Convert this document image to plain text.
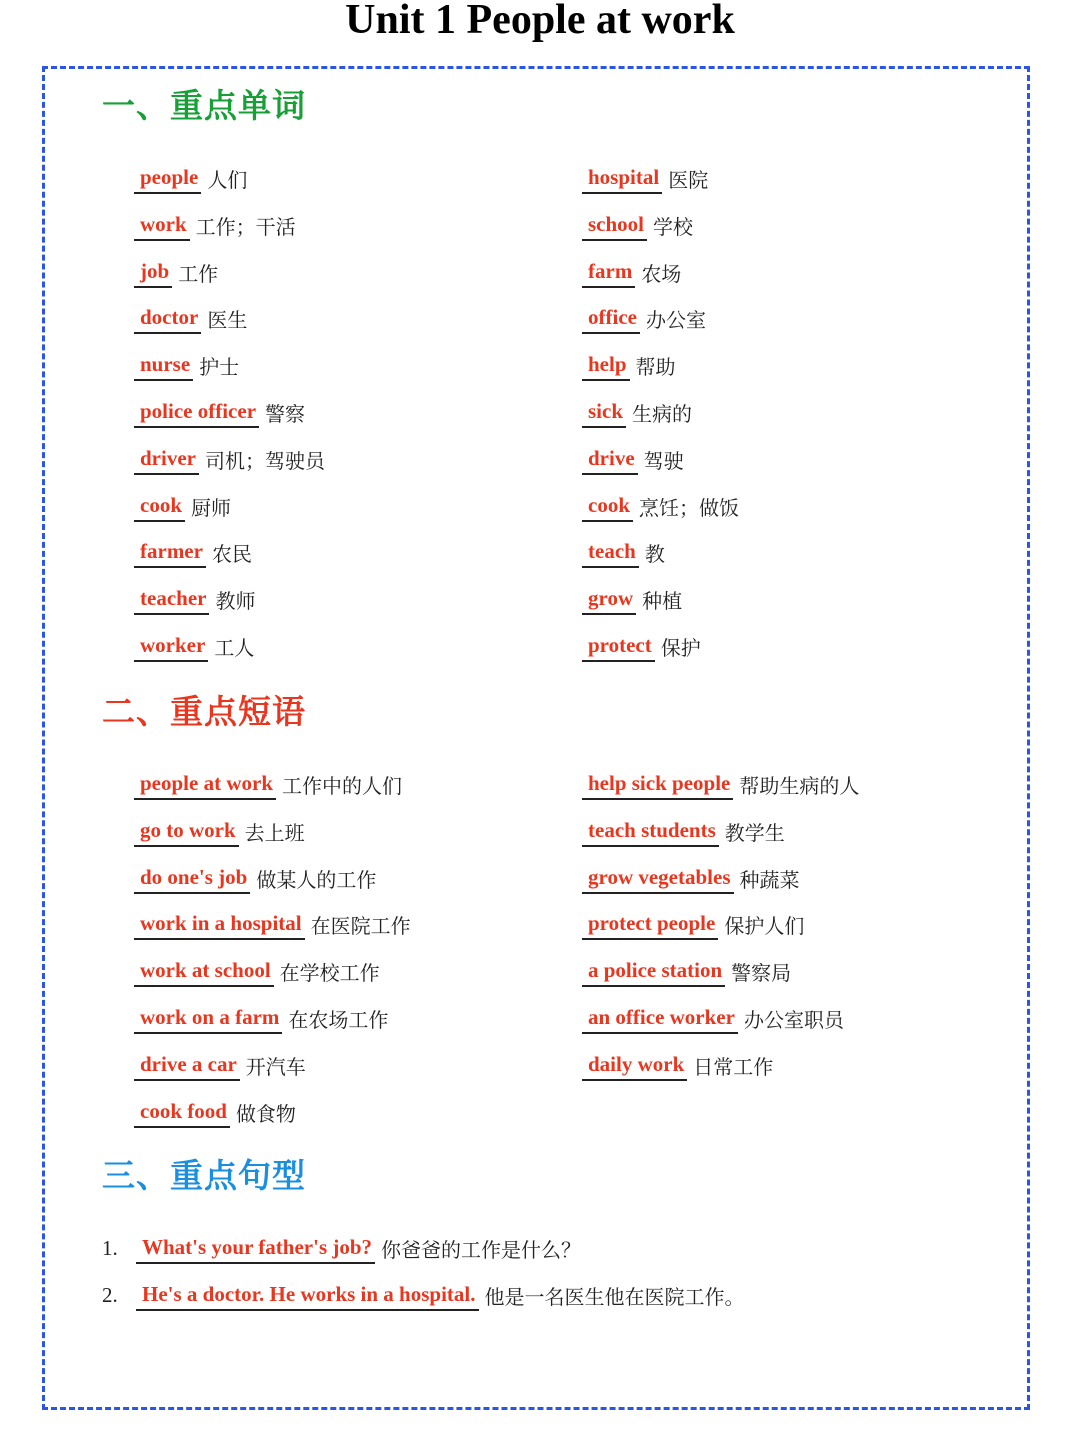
Unit 1 People at work
一、重点单词
people 人们
work 工作；干活
job 工作
doctor 医生
nurse 护士
police officer 警察
driver 司机；驾驶员
cook 厨师
farmer 农民
teacher 教师
worker 工人
hospital 医院
school 学校
farm 农场
office 办公室
help 帮助
sick 生病的
drive 驾驶
cook 烹饪；做饭
teach 教
grow 种植
protect 保护
二、重点短语
people at work 工作中的人们
go to work 去上班
do one's job 做某人的工作
work in a hospital 在医院工作
work at school 在学校工作
work on a farm 在农场工作
drive a car 开汽车
cook food 做食物
help sick people 帮助生病的人
teach students 教学生
grow vegetables 种蔬菜
protect people 保护人们
a police station 警察局
an office worker 办公室职员
daily work 日常工作
三、重点句型
1. What's your father's job? 你爸爸的工作是什么？
2. He's a doctor. He works in a hospital. 他是一名医生他在医院工作。
